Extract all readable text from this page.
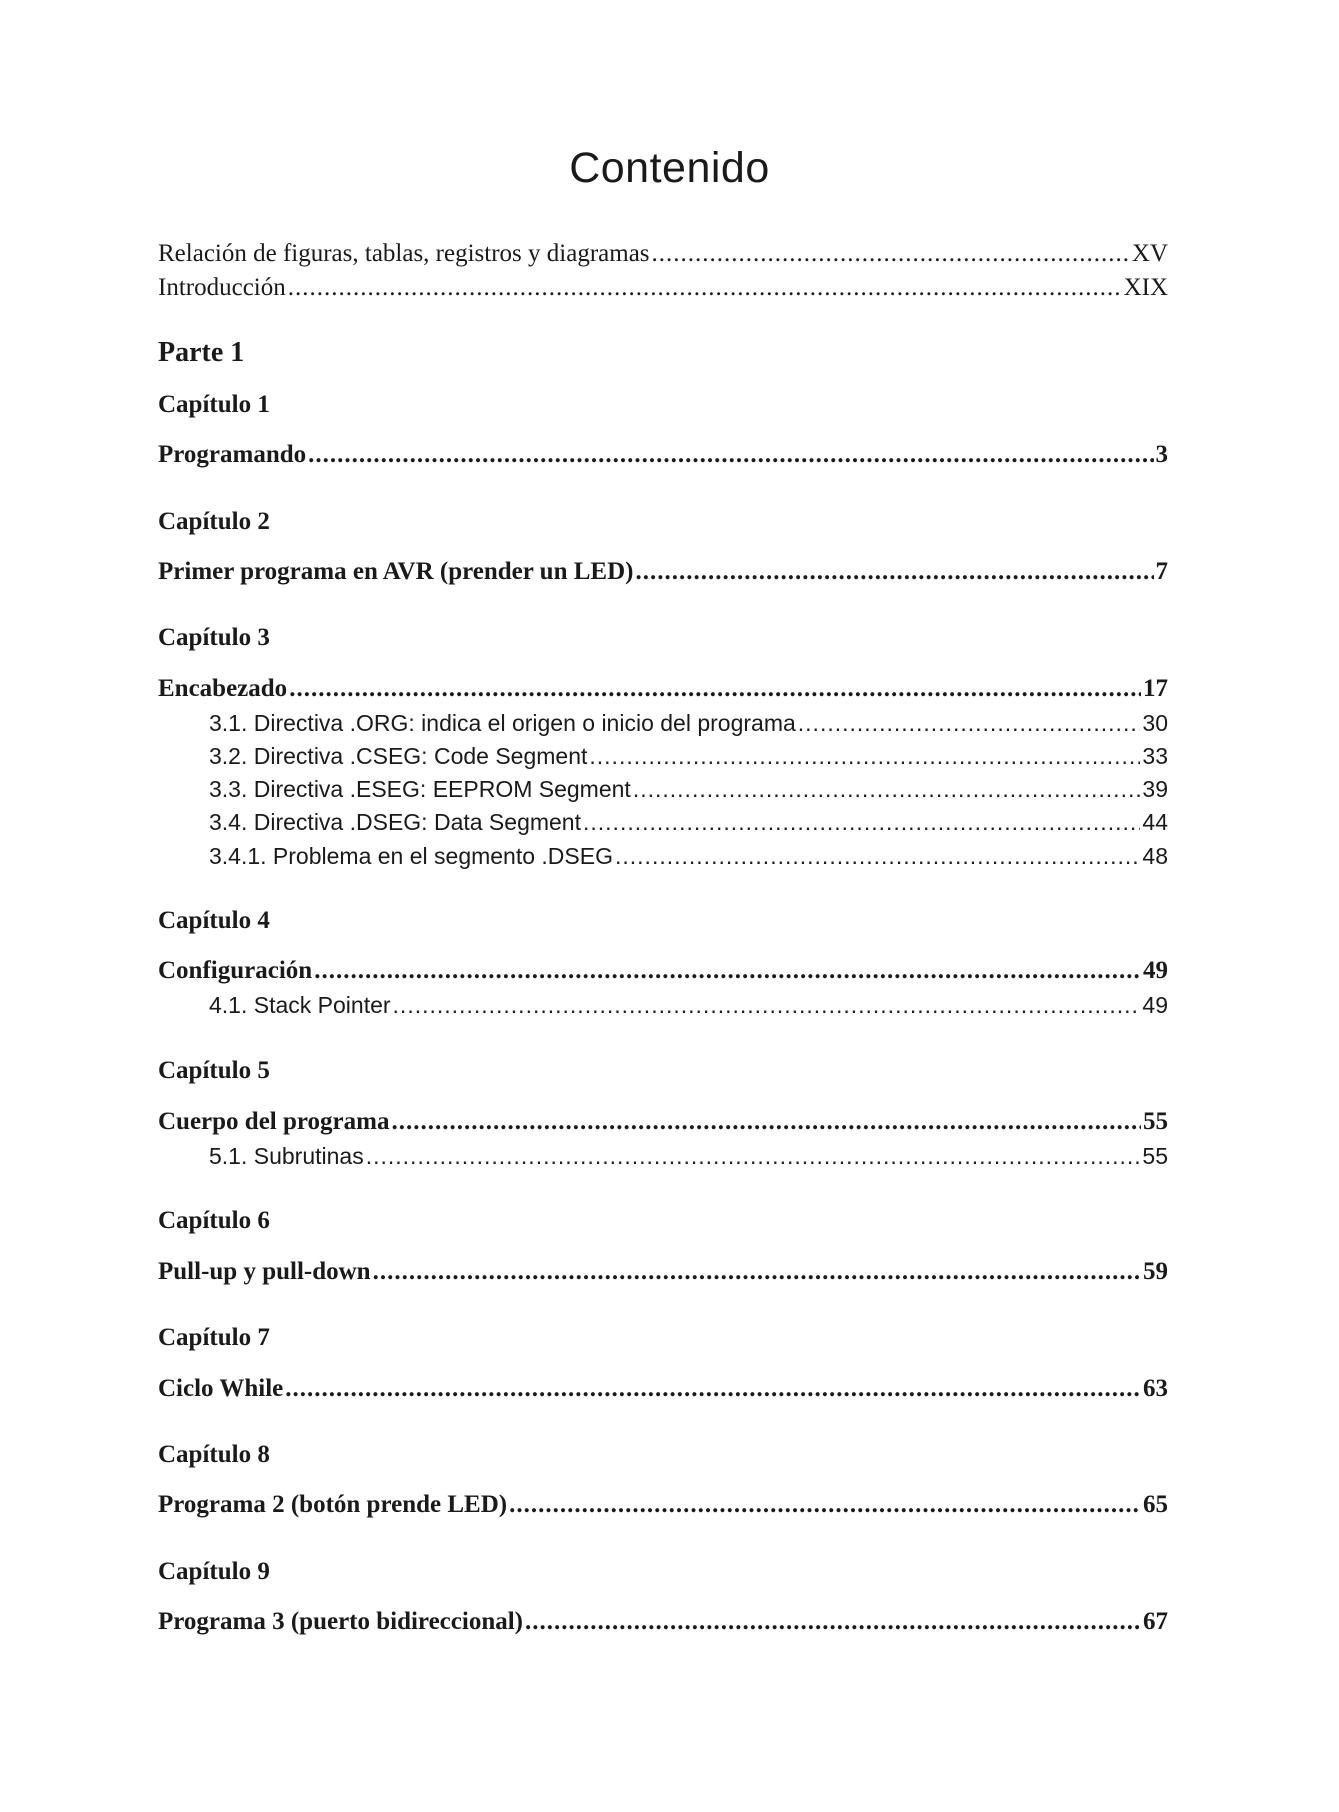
Contenido
Relación de figuras, tablas, registros y diagramas .....	XV
Introducción .....	XIX
Parte 1
Capítulo 1
Programando .....	3
Capítulo 2
Primer programa en AVR (prender un LED) .....	7
Capítulo 3
Encabezado .....	17
3.1. Directiva .ORG: indica el origen o inicio del programa .....	30
3.2. Directiva .CSEG: Code Segment .....	33
3.3. Directiva .ESEG: EEPROM Segment .....	39
3.4. Directiva .DSEG: Data Segment .....	44
3.4.1. Problema en el segmento .DSEG .....	48
Capítulo 4
Configuración .....	49
4.1. Stack Pointer .....	49
Capítulo 5
Cuerpo del programa .....	55
5.1. Subrutinas .....	55
Capítulo 6
Pull-up y pull-down .....	59
Capítulo 7
Ciclo While .....	63
Capítulo 8
Programa 2 (botón prende LED) .....	65
Capítulo 9
Programa 3 (puerto bidireccional) .....	67
